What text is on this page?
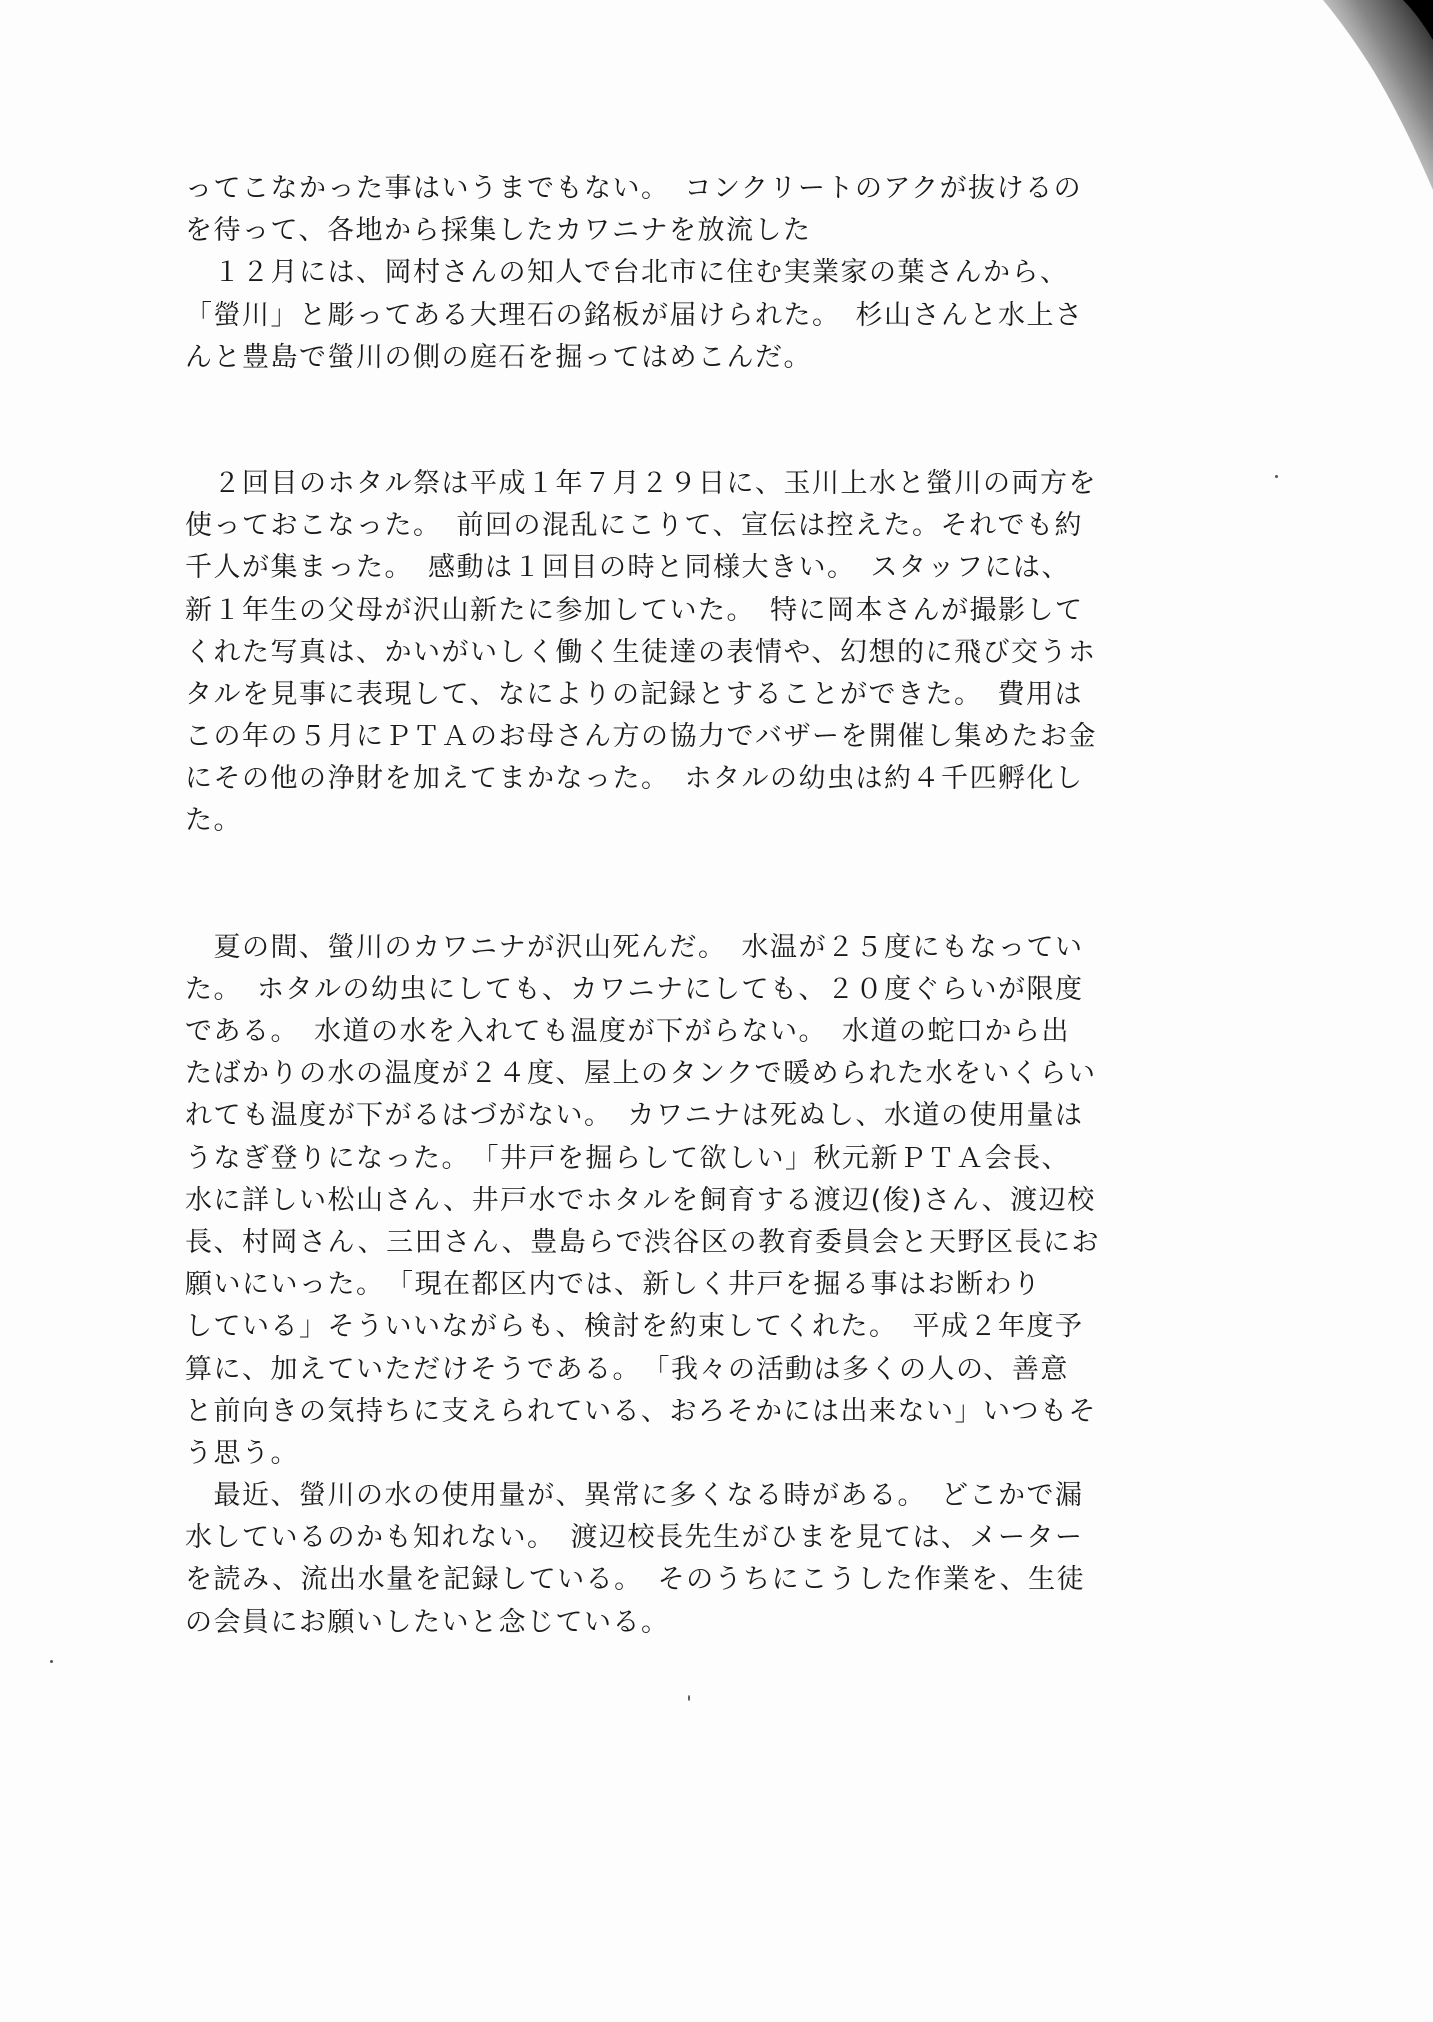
ってこなかった事はいうまでもない。　コンクリートのアクが抜けるの
を待って、各地から採集したカワニナを放流した
　１２月には、岡村さんの知人で台北市に住む実業家の葉さんから、
「螢川」と彫ってある大理石の銘板が届けられた。　杉山さんと水上さ
んと豊島で螢川の側の庭石を掘ってはめこんだ。
　２回目のホタル祭は平成１年７月２９日に、玉川上水と螢川の両方を
使っておこなった。　前回の混乱にこりて、宣伝は控えた。それでも約
千人が集まった。　感動は１回目の時と同様大きい。　スタッフには、
新１年生の父母が沢山新たに参加していた。　特に岡本さんが撮影して
くれた写真は、かいがいしく働く生徒達の表情や、幻想的に飛び交うホ
タルを見事に表現して、なによりの記録とすることができた。　費用は
この年の５月にＰＴＡのお母さん方の協力でバザーを開催し集めたお金
にその他の浄財を加えてまかなった。　ホタルの幼虫は約４千匹孵化し
た。
　夏の間、螢川のカワニナが沢山死んだ。　水温が２５度にもなってい
た。　ホタルの幼虫にしても、カワニナにしても、２０度ぐらいが限度
である。　水道の水を入れても温度が下がらない。　水道の蛇口から出
たばかりの水の温度が２４度、屋上のタンクで暖められた水をいくらい
れても温度が下がるはづがない。　カワニナは死ぬし、水道の使用量は
うなぎ登りになった。　「井戸を掘らして欲しい」秋元新ＰＴＡ会長、
水に詳しい松山さん、井戸水でホタルを飼育する渡辺(俊)さん、渡辺校
長、村岡さん、三田さん、豊島らで渋谷区の教育委員会と天野区長にお
願いにいった。　「現在都区内では、新しく井戸を掘る事はお断わり
している」そういいながらも、検討を約束してくれた。　平成２年度予
算に、加えていただけそうである。　「我々の活動は多くの人の、善意
と前向きの気持ちに支えられている、おろそかには出来ない」いつもそ
う思う。
　最近、螢川の水の使用量が、異常に多くなる時がある。　どこかで漏
水しているのかも知れない。　渡辺校長先生がひまを見ては、メーター
を読み、流出水量を記録している。　そのうちにこうした作業を、生徒
の会員にお願いしたいと念じている。
